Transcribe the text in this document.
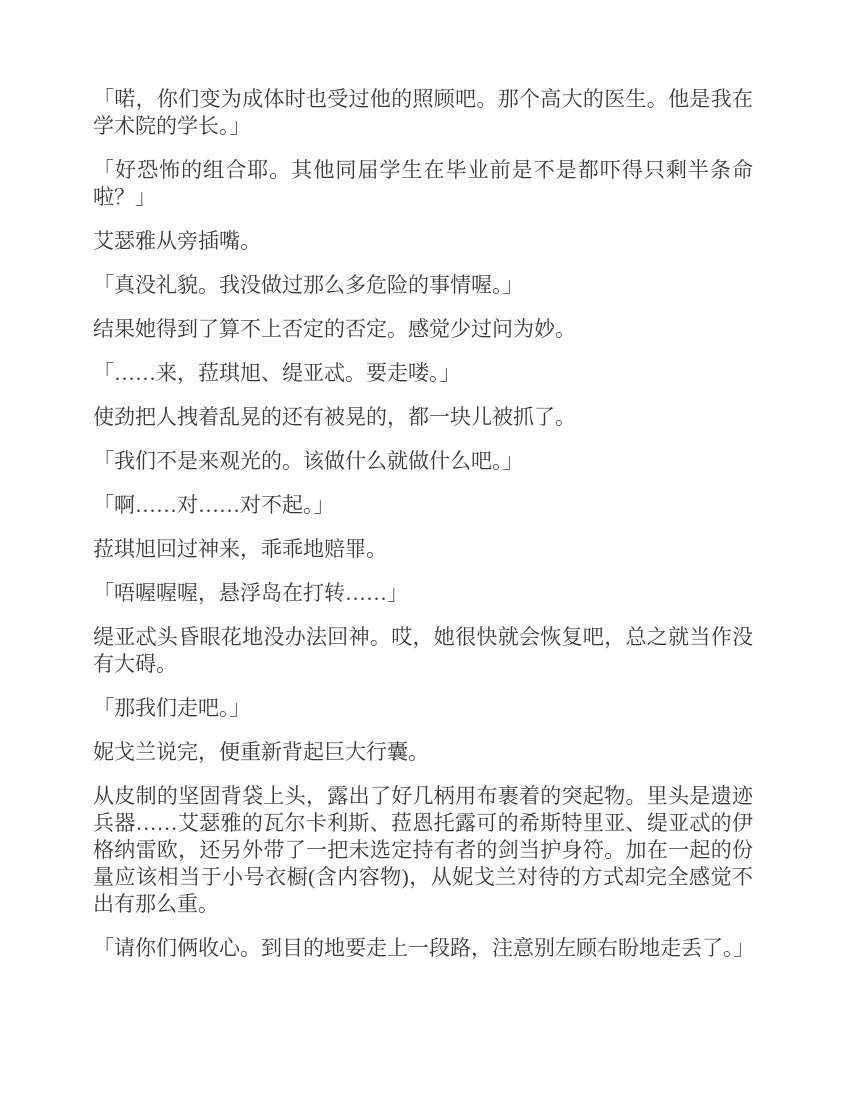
「喏，你们变为成体时也受过他的照顾吧。那个高大的医生。他是我在学术院的学长。」

「好恐怖的组合耶。其他同届学生在毕业前是不是都吓得只剩半条命啦？」

艾瑟雅从旁插嘴。

「真没礼貌。我没做过那么多危险的事情喔。」

结果她得到了算不上否定的否定。感觉少过问为妙。

「……来，菈琪旭、缇亚忒。要走喽。」

使劲把人拽着乱晃的还有被晃的，都一块儿被抓了。

「我们不是来观光的。该做什么就做什么吧。」

「啊……对……对不起。」

菈琪旭回过神来，乖乖地赔罪。

「唔喔喔喔，悬浮岛在打转……」

缇亚忒头昏眼花地没办法回神。哎，她很快就会恢复吧，总之就当作没有大碍。

「那我们走吧。」

妮戈兰说完，便重新背起巨大行囊。

从皮制的坚固背袋上头，露出了好几柄用布裹着的突起物。里头是遗迹兵器……艾瑟雅的瓦尔卡利斯、菈恩托露可的希斯特里亚、缇亚忒的伊格纳雷欧，还另外带了一把未选定持有者的剑当护身符。加在一起的份量应该相当于小号衣橱(含内容物)，从妮戈兰对待的方式却完全感觉不出有那么重。

「请你们俩收心。到目的地要走上一段路，注意别左顾右盼地走丢了。」
